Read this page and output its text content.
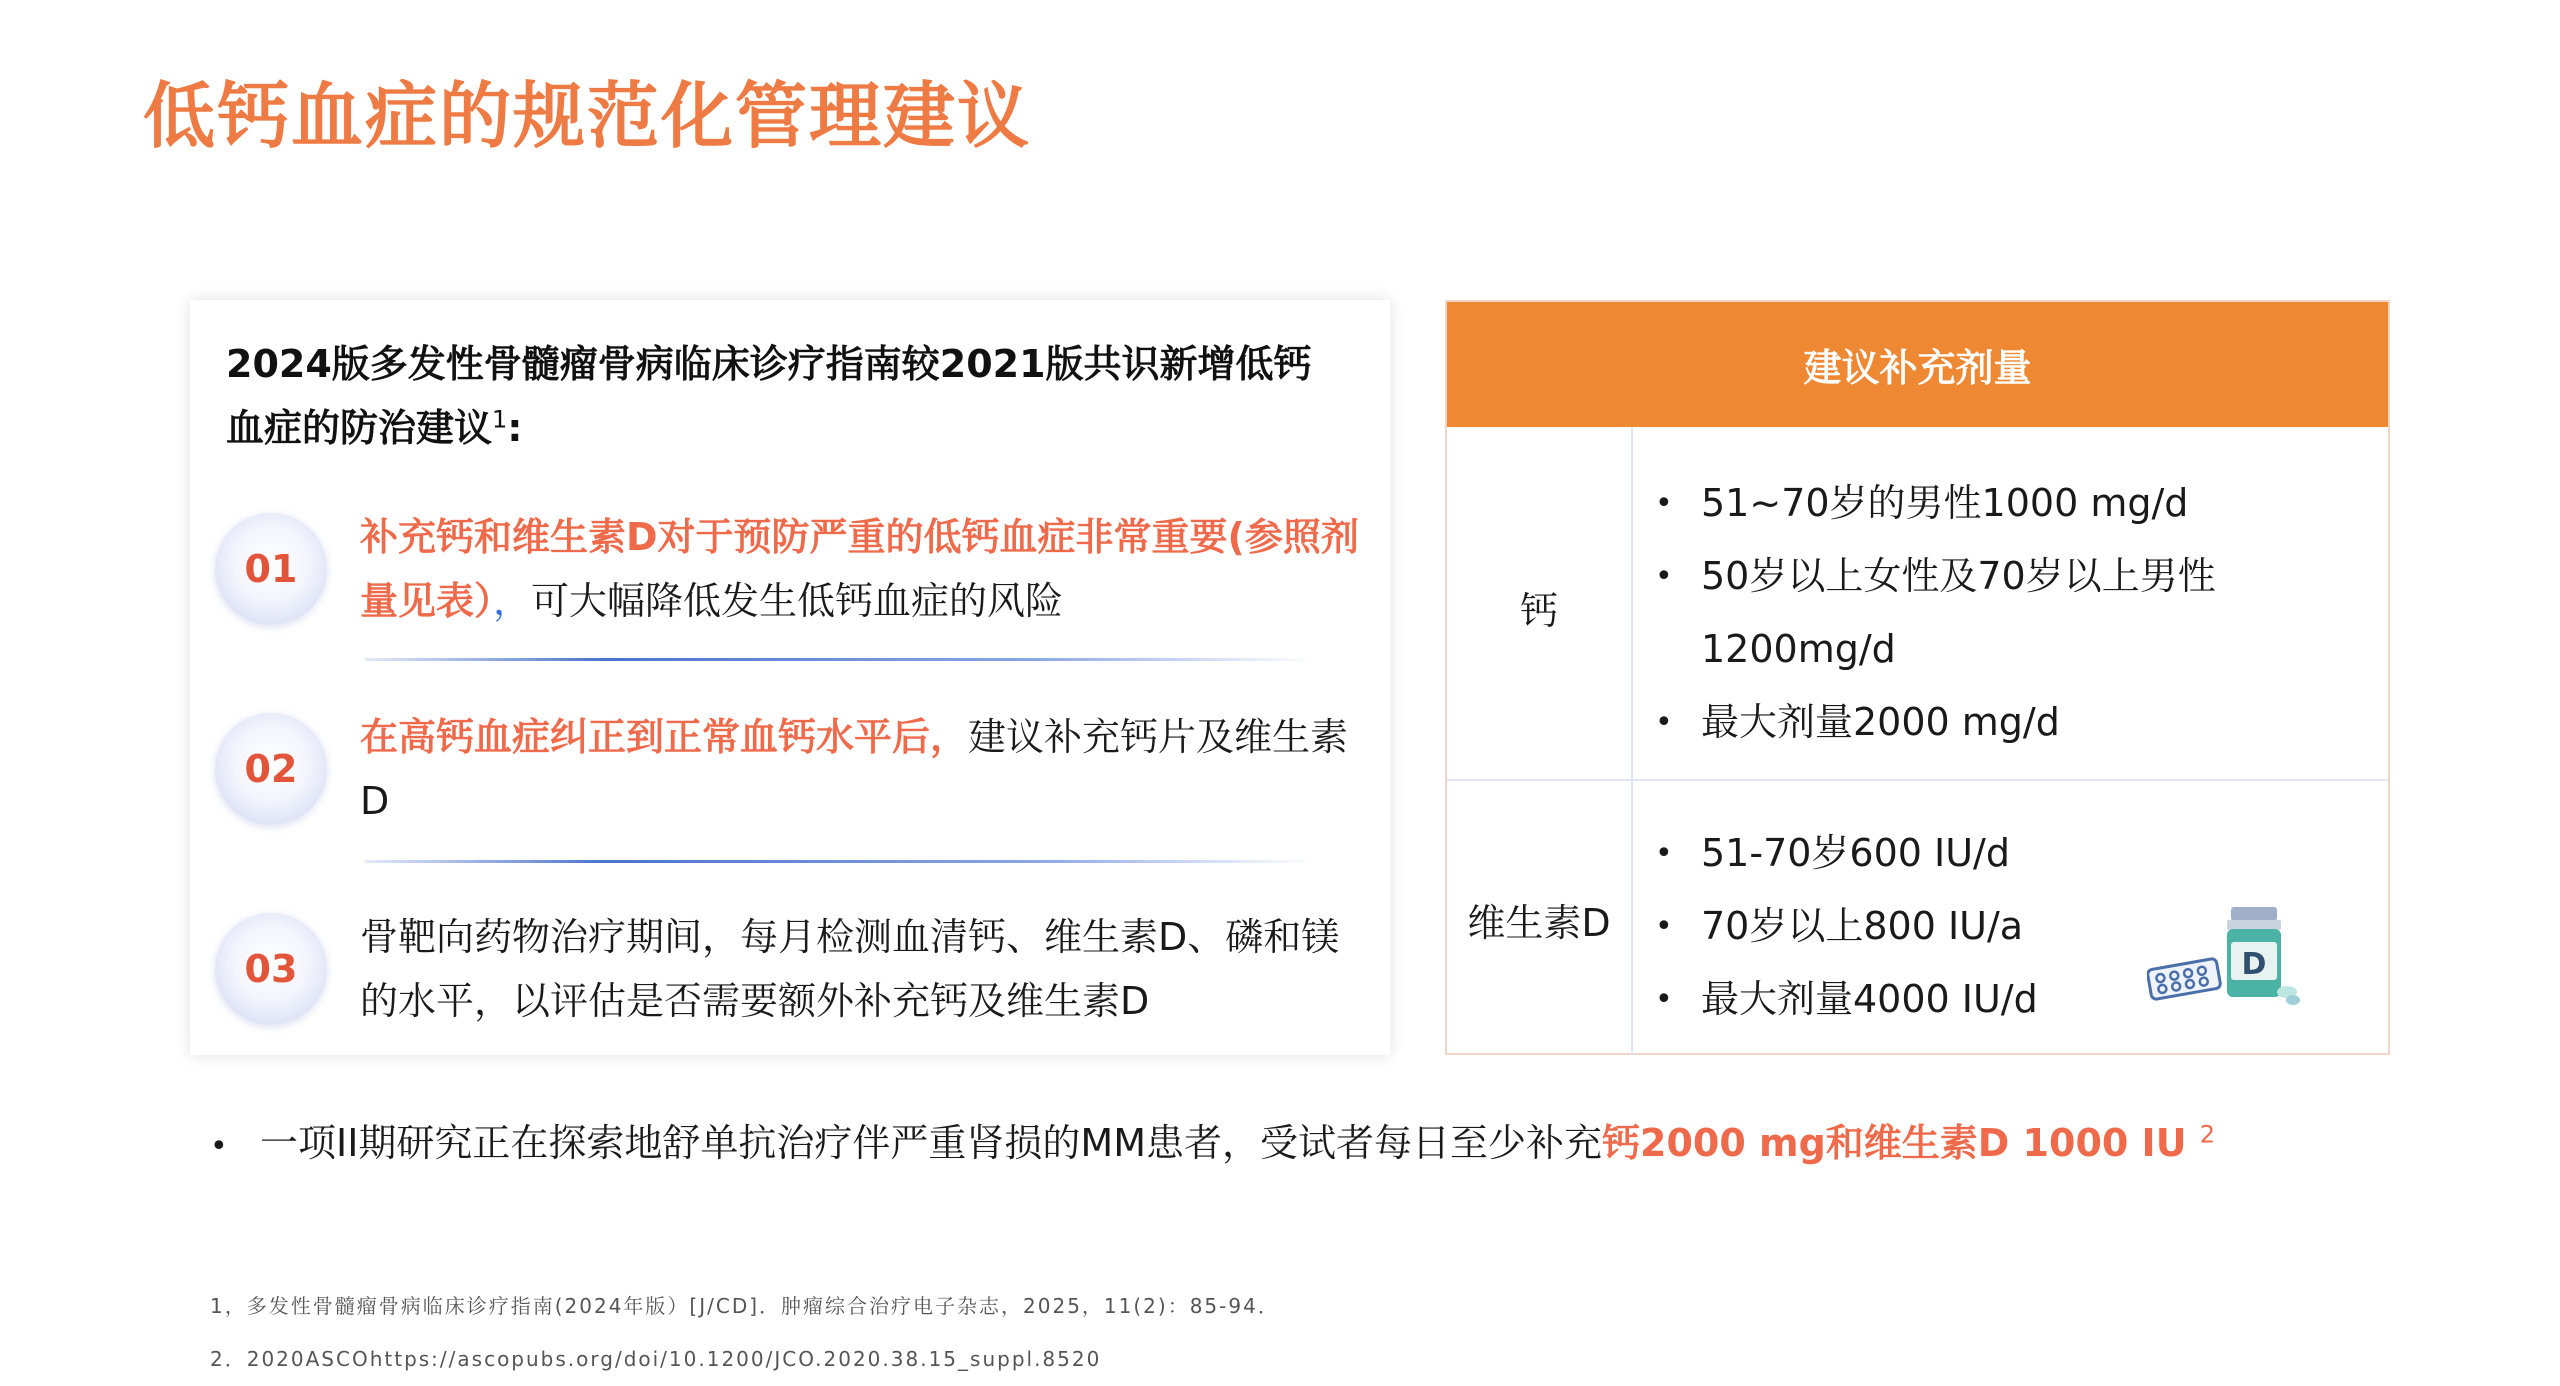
低钙血症的规范化管理建议
2024版多发性骨髓瘤骨病临床诊疗指南较2021版共识新增低钙血症的防治建议$^1$:
01
补充钙和维生素D对于预防严重的低钙血症非常重要(参照剂量见表），可大幅降低发生低钙血症的风险
02
在高钙血症纠正到正常血钙水平后，建议补充钙片及维生素D
03
骨靶向药物治疗期间，每月检测血清钙、维生素D、磷和镁的水平，以评估是否需要额外补充钙及维生素D
建议补充剂量
钙
• 51~70岁的男性1000 mg/d
• 50岁以上女性及70岁以上男性
1200mg/d
• 最大剂量2000 mg/d
维生素D
• 51-70岁600 IU/d
• 70岁以上800 IU/a
• 最大剂量4000 IU/d
D
• 一项II期研究正在探索地舒单抗治疗伴严重肾损的MM患者，受试者每日至少补充钙2000 mg和维生素D 1000 IU $^2$
1，多发性骨髓瘤骨病临床诊疗指南(2024年版）[J/CD]．肿瘤综合治疗电子杂志，2025，11(2)：85-94．
2．2020ASCOhttps://ascopubs.org/doi/10.1200/JCO.2020.38.15_suppl.8520
